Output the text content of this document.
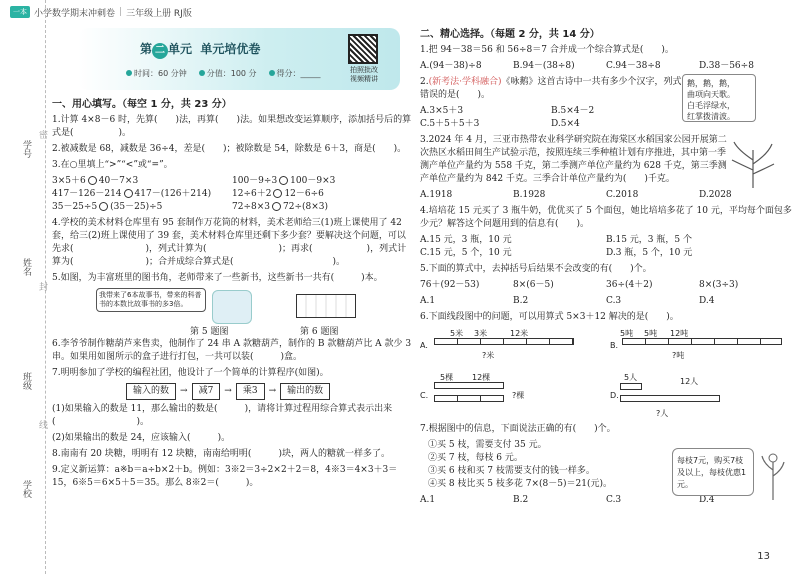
一本 小学数学期末冲刺卷 | 三年级上册 RJ版
学号
姓名
班级
学校
密
封
线
第 二 单元 单元培优卷
时间：60 分钟	分值：100 分	得分：_____	拍照批改
视频精讲
一、用心填写。（每空 1 分，共 23 分）
1.计算 4×8－6 时，先算(　　)法，再算(　　)法。如果想改变运算顺序，添加括号后的算式是(　　　　　)。
2.被减数是 68，减数是 36÷4，差是(　　)；被除数是 54，除数是 6＋3，商是(　　)。
3.在○里填上“>”“<”或“=”。
3×5＋6 40－7×3	100－9÷3 100－9×3
417－126－214 417－(126＋214)	12÷6＋2 12－6÷6
35－25÷5 (35－25)÷5	72÷8×3 72÷(8×3)
4.学校的美术材料仓库里有 95 套制作万花筒的材料，美术老师给三(1)班上课使用了 42 套，给三(2)班上课使用了 39 套，美术材料仓库里还剩下多少套？要解决这个问题，可以先求(　　　　　　　　)，列式计算为(　　　　　　　　)；再求(　　　　　　)，列式计算为(　　　　　　　　)；合并成综合算式是(　　　　　　　　　　　)。
5.如图，为丰富班里的图书角，老师带来了一些新书，这些新书一共有(　　　)本。
我带来了6本故事书，带来的科普书的本数比故事书的多3倍。
第 5 题图	第 6 题图
6.李爷爷制作糖葫芦来售卖，他制作了 24 串 A 款糖葫芦，制作的 B 款糖葫芦比 A 款少 3 串。如果用如图所示的盒子进行打包，一共可以装(　　　)盒。
7.明明参加了学校的编程社团，他设计了一个简单的计算程序(如图)。
输入的数 → 减7 → 乘3 → 输出的数
(1)如果输入的数是 11，那么输出的数是(　　　)，请将计算过程用综合算式表示出来(　　　　　　　　　)。
(2)如果输出的数是 24，应该输入(　　　)。
8.南南有 20 块糖，明明有 12 块糖，南南给明明(　　　)块，两人的糖就一样多了。
9.定义新运算：a※b＝a÷b×2＋b。例如：3※2＝3÷2×2＋2＝8，4※3＝4×3＋3＝15，6※5＝6×5＋5＝35。那么 8※2＝(　　　)。
二、精心选择。（每题 2 分，共 14 分）
1.把 94－38＝56 和 56÷8＝7 合并成一个综合算式是(　　)。
A.(94－38)÷8	B.94－(38÷8)	C.94－38÷8	D.38－56÷8
2.(新考法·学科融合)《咏鹅》这首古诗中一共有多少个汉字，列式错误的是(　　)。
A.3×5＋3	B.5×4－2
C.5＋5＋5＋3	D.5×4
3.2024 年 4 月，三亚市热带农业科学研究院在海棠区水稻国家公园开展第二次热区水稻田间生产试验示范，按照连续三季种植计划有序推进，其中第一季测产单位产量约为 558 千克，第二季测产单位产量约为 628 千克，第三季测产单位产量约为 842 千克。三季合计单位产量约为(　　)千克。
A.1918	B.1928	C.2018	D.2028
4.培培花 15 元买了 3 瓶牛奶，优优买了 5 个面包，她比培培多花了 10 元，平均每个面包多少元？解答这个问题用到的信息有(　　)。
A.15 元，3 瓶，10 元	B.15 元，3 瓶，5 个
C.15 元，5 个，10 元	D.3 瓶，5 个，10 元
5.下面的算式中，去掉括号后结果不会改变的有(　　)个。
76＋(92－53)	8×(6－5)	36÷(4＋2)	8×(3÷3)
A.1	B.2	C.3	D.4
6.下面线段图中的问题，可以用算式 5×3＋12 解决的是(　　)。
A.
5米 3米	12米
?米
B.
5吨 5吨 12吨
?吨
C.
5棵 12棵
?棵	D.
5人	12人
?人
7.根据图中的信息，下面说法正确的有(　　)个。
①买 5 枝，需要支付 35 元。
②买 7 枝，每枝 6 元。
③买 6 枝和买 7 枝需要支付的钱一样多。
④买 8 枝比买 5 枝多花 7×(8－5)＝21(元)。
A.1	B.2	C.3	D.4
鹅，鹅，鹅，
曲项向天歌。
白毛浮绿水，
红掌拨清波。
每枝7元，购买7枝及以上，每枝优惠1元。
13
